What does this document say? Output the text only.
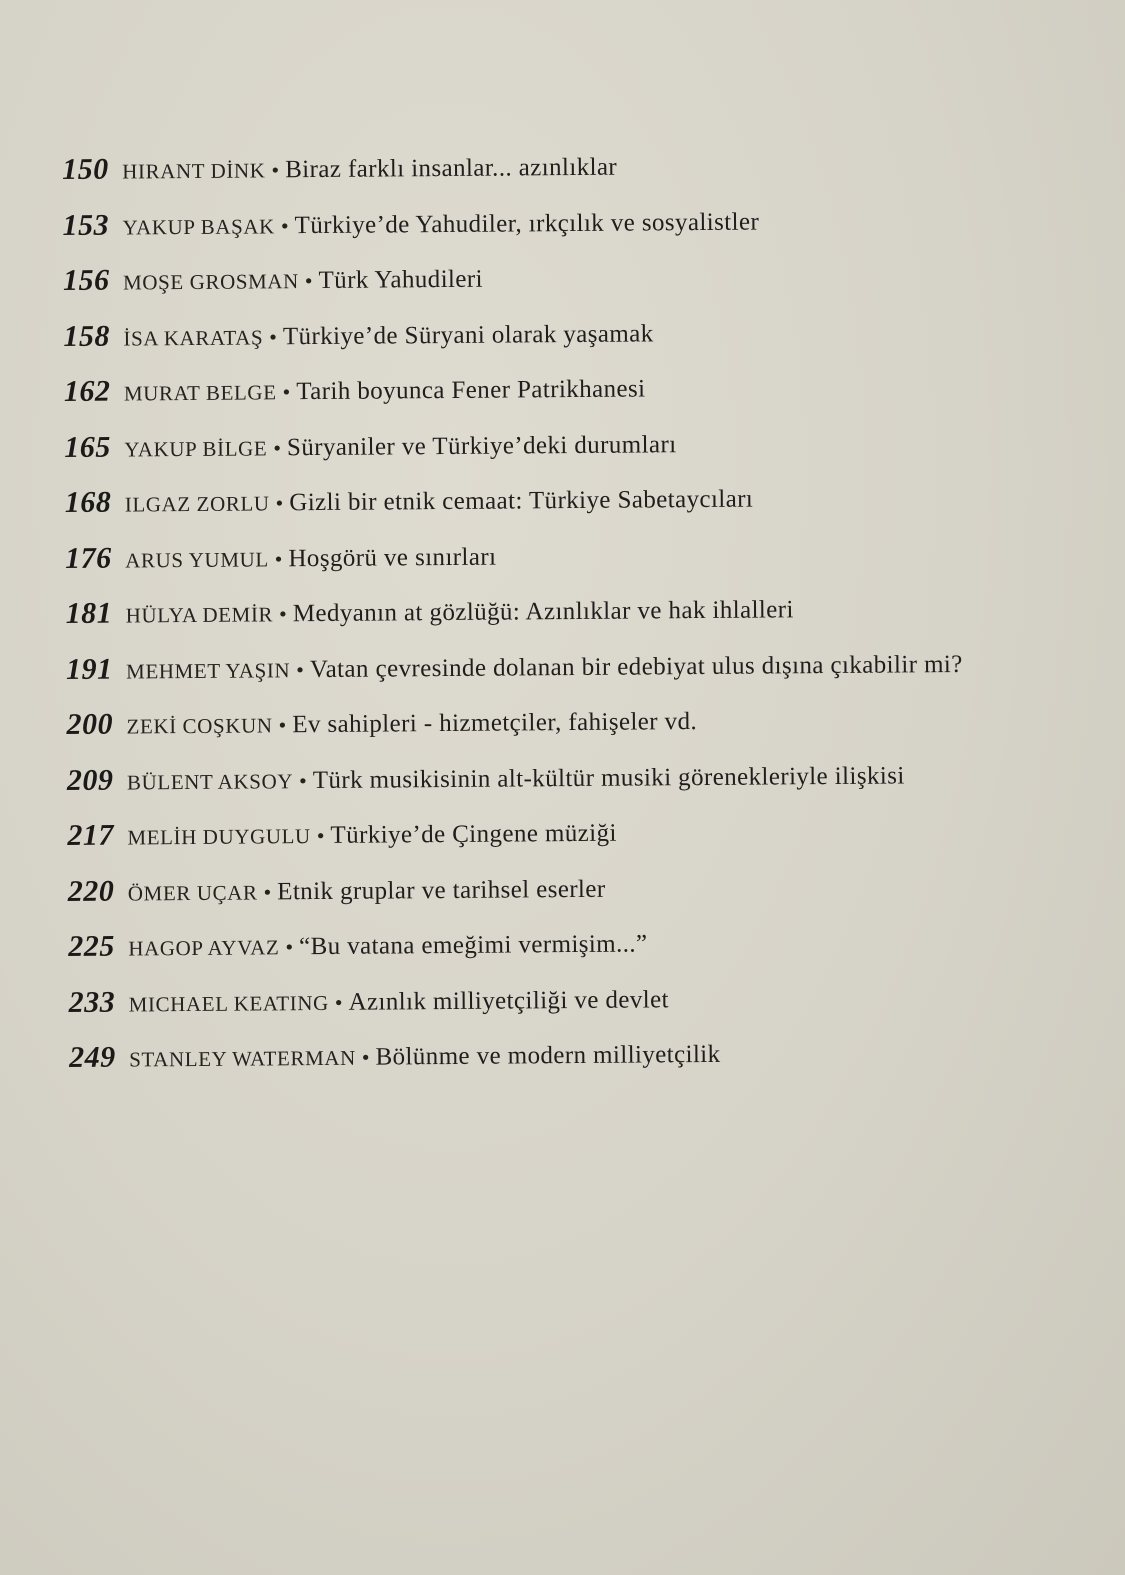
150 HIRANT DİNK • Biraz farklı insanlar... azınlıklar
153 YAKUP BAŞAK • Türkiye’de Yahudiler, ırkçılık ve sosyalistler
156 MOŞE GROSMAN • Türk Yahudileri
158 İSA KARATAŞ • Türkiye’de Süryani olarak yaşamak
162 MURAT BELGE • Tarih boyunca Fener Patrikhanesi
165 YAKUP BİLGE • Süryaniler ve Türkiye’deki durumları
168 ILGAZ ZORLU • Gizli bir etnik cemaat: Türkiye Sabetaycıları
176 ARUS YUMUL • Hoşgörü ve sınırları
181 HÜLYA DEMİR • Medyanın at gözlüğü: Azınlıklar ve hak ihlalleri
191 MEHMET YAŞIN • Vatan çevresinde dolanan bir edebiyat ulus dışına çıkabilir mi?
200 ZEKİ COŞKUN • Ev sahipleri - hizmetçiler, fahişeler vd.
209 BÜLENT AKSOY • Türk musikisinin alt-kültür musiki görenekleriyle ilişkisi
217 MELİH DUYGULU • Türkiye’de Çingene müziği
220 ÖMER UÇAR • Etnik gruplar ve tarihsel eserler
225 HAGOP AYVAZ • “Bu vatana emeğimi vermişim...”
233 MICHAEL KEATING • Azınlık milliyetçiliği ve devlet
249 STANLEY WATERMAN • Bölünme ve modern milliyetçilik
